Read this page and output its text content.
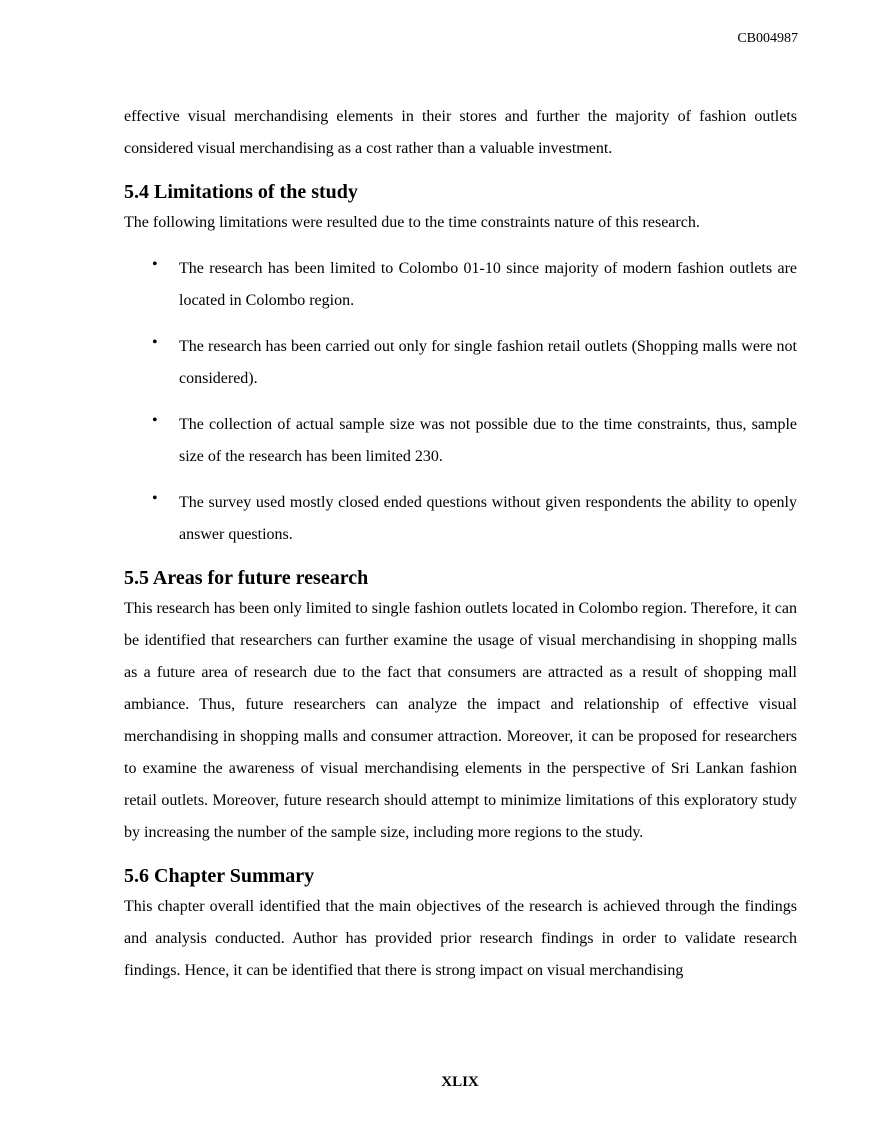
CB004987

effective visual merchandising elements in their stores and further the majority of fashion outlets considered visual merchandising as a cost rather than a valuable investment.

5.4 Limitations of the study

The following limitations were resulted due to the time constraints nature of this research.

• The research has been limited to Colombo 01-10 since majority of modern fashion outlets are located in Colombo region.
• The research has been carried out only for single fashion retail outlets (Shopping malls were not considered).
• The collection of actual sample size was not possible due to the time constraints, thus, sample size of the research has been limited 230.
• The survey used mostly closed ended questions without given respondents the ability to openly answer questions.
5.5 Areas for future research

This research has been only limited to single fashion outlets located in Colombo region. Therefore, it can be identified that researchers can further examine the usage of visual merchandising in shopping malls as a future area of research due to the fact that consumers are attracted as a result of shopping mall ambiance. Thus, future researchers can analyze the impact and relationship of effective visual merchandising in shopping malls and consumer attraction. Moreover, it can be proposed for researchers to examine the awareness of visual merchandising elements in the perspective of Sri Lankan fashion retail outlets. Moreover, future research should attempt to minimize limitations of this exploratory study by increasing the number of the sample size, including more regions to the study.

5.6 Chapter Summary

This chapter overall identified that the main objectives of the research is achieved through the findings and analysis conducted. Author has provided prior research findings in order to validate research findings. Hence, it can be identified that there is strong impact on visual merchandising

XLIX
